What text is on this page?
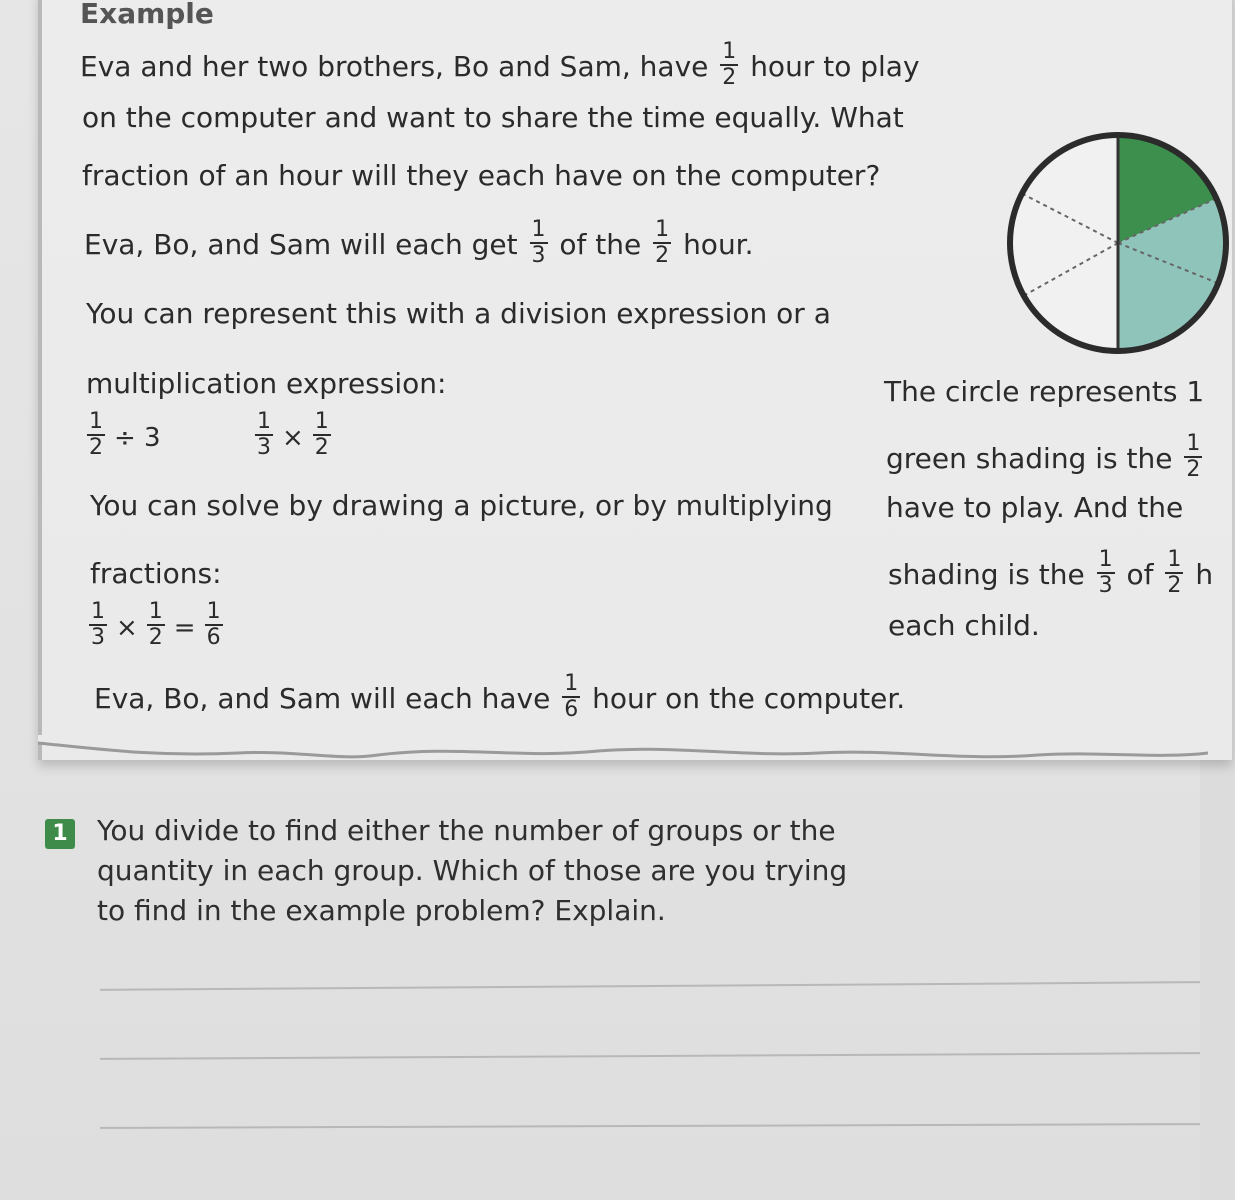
Example
Eva and her two brothers, Bo and Sam, have $\frac{1}{2}$ hour to play
on the computer and want to share the time equally. What
fraction of an hour will they each have on the computer?
Eva, Bo, and Sam will each get $\frac{1}{3}$ of the $\frac{1}{2}$ hour.
You can represent this with a division expression or a
multiplication expression:
$\frac{1}{2} \div 3$	$\frac{1}{3} \times \frac{1}{2}$
You can solve by drawing a picture, or by multiplying
fractions:
$\frac{1}{3} \times \frac{1}{2} = \frac{1}{6}$
Eva, Bo, and Sam will each have $\frac{1}{6}$ hour on the computer.
The circle represents 1
green shading is the $\frac{1}{2}$
have to play. And the
shading is the $\frac{1}{3}$ of $\frac{1}{2}$ h
each child.
1 You divide to find either the number of groups or the
quantity in each group. Which of those are you trying
to find in the example problem? Explain.
